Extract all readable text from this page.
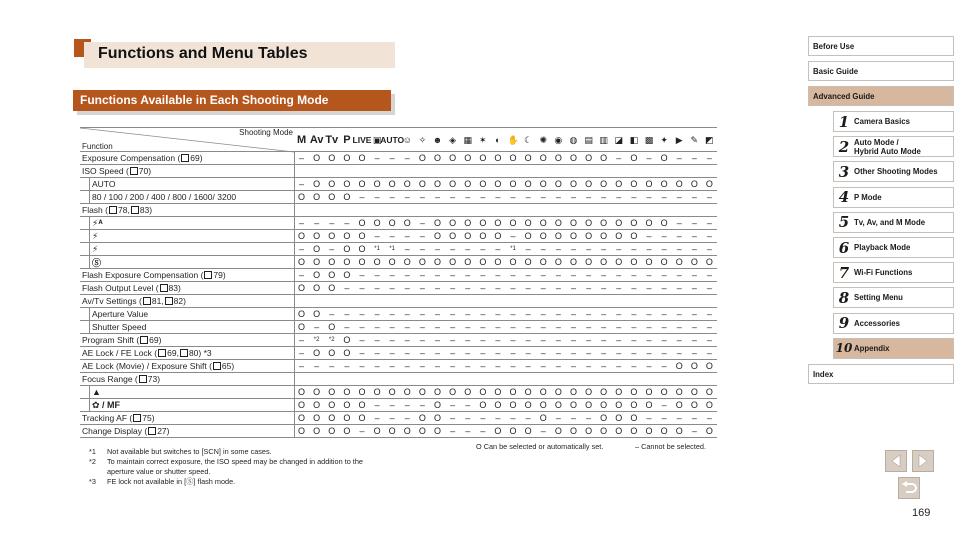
Functions and Menu Tables
Functions Available in Each Shooting Mode
Shooting Mode
Function
M Av Tv P LIVE ▣
AUTO
☺ ✧ ☻ ◈ ▦ ✶ ◐ ✋ ☾ ✺ ◉ ◍ ▤ ▥ ◪ ◧ ▩ ✦ ▶ ✎ ◩
Exposure Compensation ( 69 )	–	O O O O	–	–	–	O O O O O O O O O O O O O	–	O	–	O	–	–	–
ISO Speed ( 70 )
AUTO	–	O O O O O O O O O O O O O O O O O O O O O O O O O O O
80 / 100 / 200 / 400 / 800 / 1600/ 3200	O O O O	–	–	–	–	–	–	–	–	–	–	–	–	–	–	–	–	–	–	–	–	–	–	–	–
Flash ( 78, 83 )
⚡ᴬ	–	–	–	–	O O O O	–	O O O O O O O O O O O O O O O O	–	–	–
⚡	O O O O O	–	–	–	–	O O O O O	–	O O O O O O O O	–	–	–	–	–
⚡	–	O	–	O O	*1	*1	–	–	–	–	–	–	–	*1	–	–	–	–	–	–	–	–	–	–	–	–	–
Ⓢ	O O O O O O O O O O O O O O O O O O O O O O O O O O O O
Flash Exposure Compensation ( 79 )	–	O O O	–	–	–	–	–	–	–	–	–	–	–	–	–	–	–	–	–	–	–	–	–	–	–	–
Flash Output Level ( 83 )	O O O	–	–	–	–	–	–	–	–	–	–	–	–	–	–	–	–	–	–	–	–	–	–	–	–	–
Av/Tv Settings ( 81, 82 )
Aperture Value	O O	–	–	–	–	–	–	–	–	–	–	–	–	–	–	–	–	–	–	–	–	–	–	–	–	–	–
Shutter Speed	O	–	O	–	–	–	–	–	–	–	–	–	–	–	–	–	–	–	–	–	–	–	–	–	–	–	–	–
Program Shift ( 69 )	–	*2	*2 O	–	–	–	–	–	–	–	–	–	–	–	–	–	–	–	–	–	–	–	–	–	–	–	–
AE Lock / FE Lock ( 69, 80 ) *3	–	O O O	–	–	–	–	–	–	–	–	–	–	–	–	–	–	–	–	–	–	–	–	–	–	–	–
AE Lock (Movie) / Exposure Shift ( 65 )	–	–	–	–	–	–	–	–	–	–	–	–	–	–	–	–	–	–	–	–	–	–	–	–	–	O O O
Focus Range ( 73 )
▲	O O O O O O O O O O O O O O O O O O O O O O O O O O O O
✿ / MF	O O O O O	–	–	–	–	O	–	–	O O O O O O O O O O O O	–	O O O
Tracking AF ( 75 )	O O O O O	–	–	–	O O	–	–	–	–	–	–	O	–	–	–	O O O	–	–	–	–	–
Change Display ( 27 )	O O O O	–	O O O O O	–	–	–	O O O	–	O O O O O O O O O	–	O
*1	Not available but switches to [SCN] in some cases.
*2	To maintain correct exposure, the ISO speed may be changed in addition to the aperture value or shutter speed.
*3	FE lock not available in [Ⓢ] flash mode.
O Can be selected or automatically set.	– Cannot be selected.
Before Use
Basic Guide
Advanced Guide
1 Camera Basics
2 Auto Mode /
Hybrid Auto Mode
3 Other Shooting Modes
4 P Mode
5 Tv, Av, and M Mode
6 Playback Mode
7 Wi-Fi Functions
8 Setting Menu
9 Accessories
10 Appendix
Index
169
